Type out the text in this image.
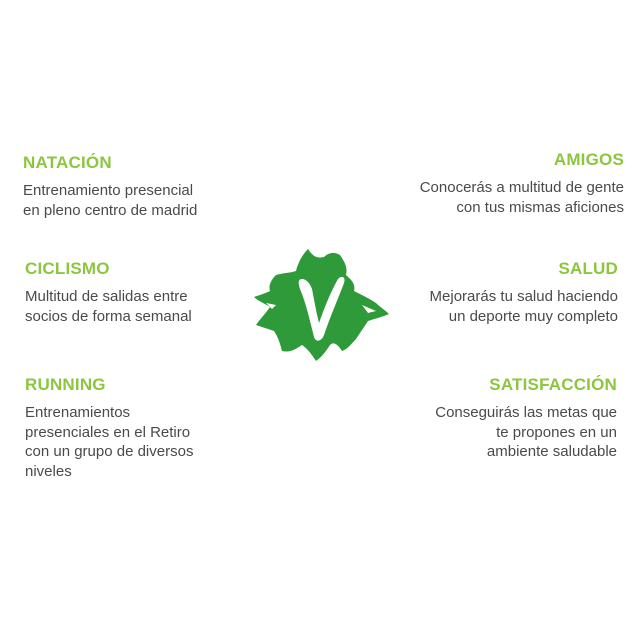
NATACIÓN

Entrenamiento presencial
en pleno centro de madrid

CICLISMO

Multitud de salidas entre
socios de forma semanal

RUNNING

Entrenamientos
presenciales en el Retiro
con un grupo de diversos
niveles

AMIGOS

Conocerás a multitud de gente
con tus mismas aficiones

SALUD

Mejorarás tu salud haciendo
un deporte muy completo

SATISFACCIÓN

Conseguirás las metas que
te propones en un
ambiente saludable
